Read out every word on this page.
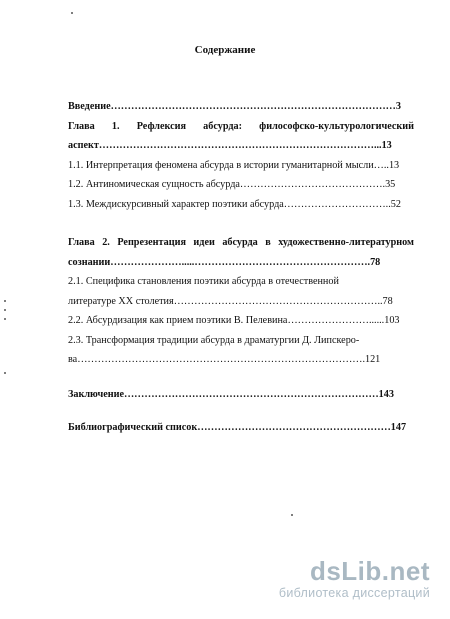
Содержание
Введение…………………………………………………………………………3
Глава 1. Рефлексия абсурда: философско-культурологический
аспект………………………………………………………………………...13
1.1. Интерпретация феномена абсурда в истории гуманитарной мысли…..13
1.2. Антиномическая сущность абсурда…………………………………….35
1.3. Междискурсивный характер поэтики абсурда…………………………..52
Глава 2. Репрезентация идеи абсурда в художественно-литературном
сознании………………….....…………………………………………….78
2.1. Специфика становления поэтики абсурда в отечественной
литературе XX столетия……………………………………………………..78
2.2. Абсурдизация как прием поэтики В. Пелевина……………………......103
2.3. Трансформация традиции абсурда в драматургии Д. Липскеро-
ва………………………………………………………………………….121
Заключение…………………………………………………………………143
Библиографический список…………………………………………………147
dsLib.net
библиотека диссертаций
